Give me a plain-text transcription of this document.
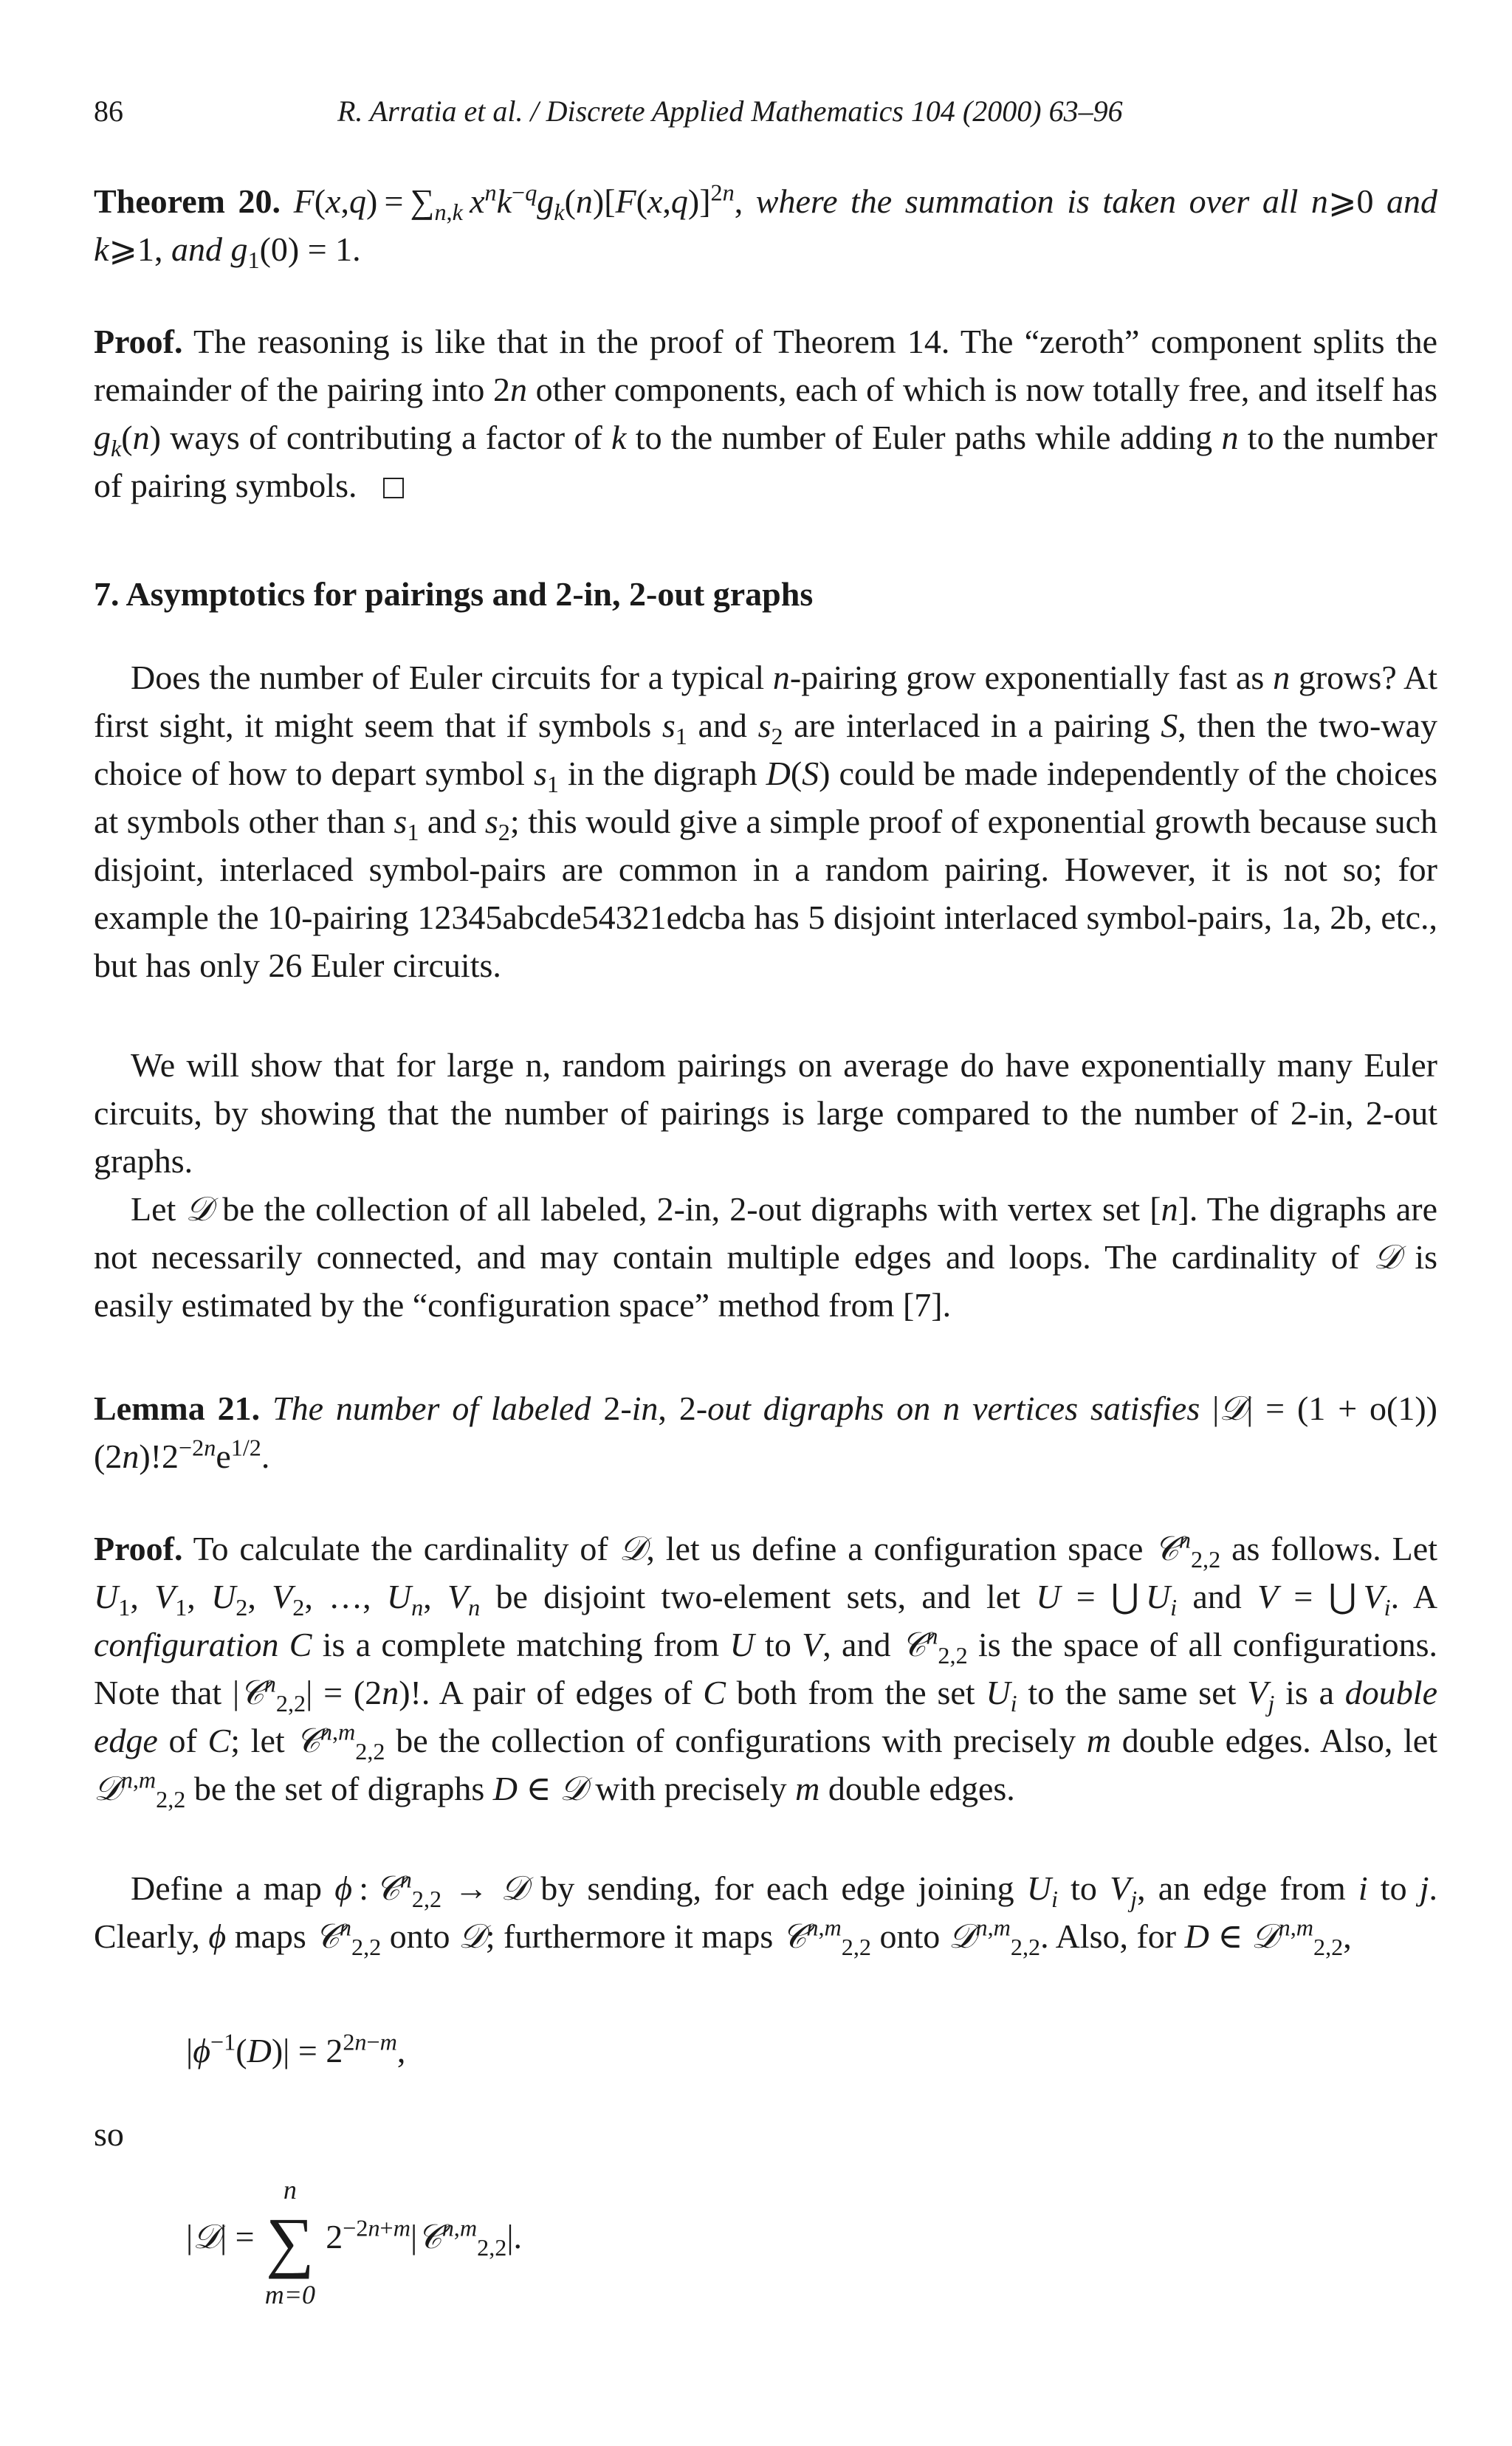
86	R. Arratia et al. / Discrete Applied Mathematics 104 (2000) 63–96

Theorem 20. $F(x,q) = \sum_{n,k}$  $x^nk^{-q}g_k(n)[F(x,q)]^{2n}$, where the summation is taken over all n⩾0 and k⩾1, and $g_1(0) = 1$.

Proof. The reasoning is like that in the proof of Theorem 14. The “zeroth” component splits the remainder of the pairing into 2n other components, each of which is now totally free, and itself has $g_k(n)$ ways of contributing a factor of k to the number of Euler paths while adding n to the number of pairing symbols.

7. Asymptotics for pairings and 2-in, 2-out graphs

Does the number of Euler circuits for a typical n-pairing grow exponentially fast as n grows? At first sight, it might seem that if symbols $s_1$ and $s_2$ are interlaced in a pairing S, then the two-way choice of how to depart symbol $s_1$ in the digraph D(S) could be made independently of the choices at symbols other than $s_1$ and $s_2$; this would give a simple proof of exponential growth because such disjoint, interlaced symbol-pairs are common in a random pairing. However, it is not so; for example the 10-pairing 12345abcde54321edcba has 5 disjoint interlaced symbol-pairs, 1a, 2b, etc., but has only 26 Euler circuits.

We will show that for large n, random pairings on average do have exponentially many Euler circuits, by showing that the number of pairings is large compared to the number of 2-in, 2-out graphs.

Let 𝒟 be the collection of all labeled, 2-in, 2-out digraphs with vertex set [n]. The digraphs are not necessarily connected, and may contain multiple edges and loops. The cardinality of 𝒟 is easily estimated by the “configuration space” method from [7].

Lemma 21. The number of labeled 2-in, 2-out digraphs on n vertices satisfies |𝒟| = $(1 + o(1))(2n)!2^{-2n}e^{1/2}$.

Proof. To calculate the cardinality of 𝒟, let us define a configuration space 𝒞$^n_{2,2}$ as follows. Let $U_1$, $V_1$, $U_2$, $V_2$, …, $U_n$, $V_n$ be disjoint two-element sets, and let U = ⋃ $U_i$ and V = ⋃ $V_i$. A configuration C is a complete matching from U to V, and 𝒞$^n_{2,2}$ is the space of all configurations. Note that |𝒞$^n_{2,2}$| = (2n)!. A pair of edges of C both from the set $U_i$ to the same set $V_j$ is a double edge of C; let 𝒞$^{n,m}_{2,2}$ be the collection of configurations with precisely m double edges. Also, let 𝒟$^{n,m}_{2,2}$ be the set of digraphs D ∈ 𝒟 with precisely m double edges.

Define a map ϕ : 𝒞$^n_{2,2}$ → 𝒟 by sending, for each edge joining $U_i$ to $V_j$, an edge from i to j. Clearly, ϕ maps 𝒞$^n_{2,2}$ onto 𝒟; furthermore it maps 𝒞$^{n,m}_{2,2}$ onto 𝒟$^{n,m}_{2,2}$. Also, for D ∈ 𝒟$^{n,m}_{2,2}$,

$|\phi^{-1}(D)| = 2^{2n-m}$,
so
|𝒟| = ∑
n
m=0
$2^{-2n+m}|𝒞^{n,m}_{2,2}|$.
